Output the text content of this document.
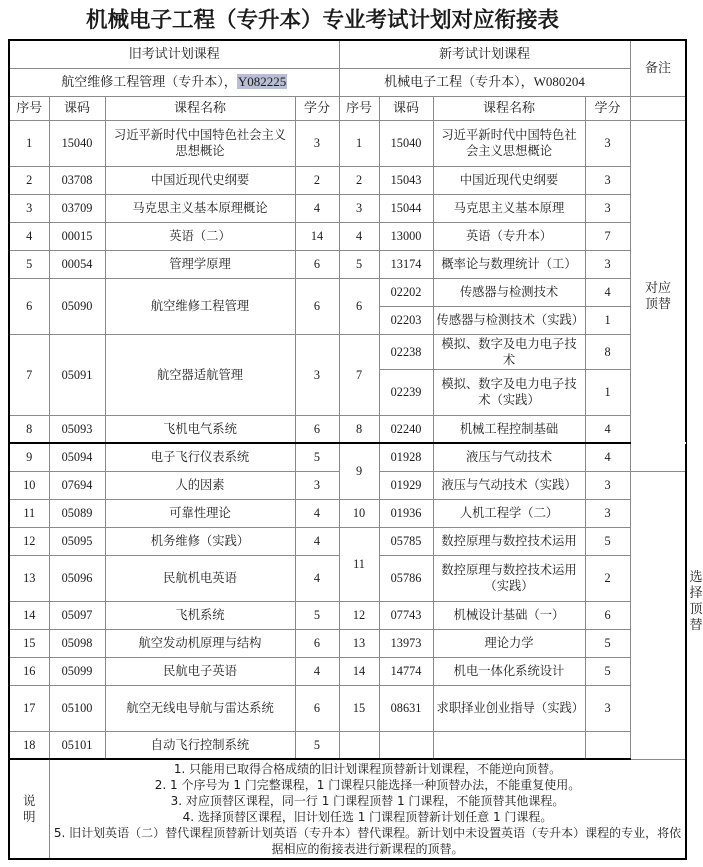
机械电子工程（专升本）专业考试计划对应衔接表
旧考试计划课程				新考试计划课程				备注	
航空维修工程管理（专升本），Y082225				机械电子工程（专升本），W080204					
序号	课码	课程名称	学分	序号	课码	课程名称	学分		
1	15040	习近平新时代中国特色社会主义思想概论	3	1	15040	习近平新时代中国特色社会主义思想概论	3	对应
顶替	

2	03708	中国近现代史纲要	2	2	15043	中国近现代史纲要	3		
3	03709	马克思主义基本原理概论	4	3	15044	马克思主义基本原理	3		
4	00015	英语（二）	14	4	13000	英语（专升本）	7		
5	00054	管理学原理	6	5	13174	概率论与数理统计（工）	3		
6	05090	航空维修工程管理	6	6	02202	传感器与检测技术	4		
					02203	传感器与检测技术（实践）	1		
7	05091	航空器适航管理	3	7	02238	模拟、数字及电力电子技术	8		
					02239	模拟、数字及电力电子技术（实践）	1		
8	05093	飞机电气系统	6	8	02240	机械工程控制基础	4		
9	05094	电子飞行仪表系统	5	9	01928	液压与气动技术	4		选择
顶替

10	07694	人的因素	3		01929	液压与气动技术（实践）	3		
11	05089	可靠性理论	4	10	01936	人机工程学（二）	3		
12	05095	机务维修（实践）	4	11	05785	数控原理与数控技术运用	5		
13	05096	民航机电英语	4		05786	数控原理与数控技术运用（实践）	2		
14	05097	飞机系统	5	12	07743	机械设计基础（一）	6		
15	05098	航空发动机原理与结构	6	13	13973	理论力学	5		
16	05099	民航电子英语	4	14	14774	机电一体化系统设计	5		
17	05100	航空无线电导航与雷达系统	6	15	08631	求职择业创业指导（实践）	3		
18	05101	自动飞行控制系统	5						

说
明

1. 只能用已取得合格成绩的旧计划课程顶替新计划课程，不能逆向顶替。

2. 1 个序号为 1 门完整课程，1 门课程只能选择一种顶替办法，不能重复使用。

3. 对应顶替区课程，同一行 1 门课程顶替 1 门课程，不能顶替其他课程。

4. 选择顶替区课程，旧计划任选 1 门课程顶替新计划任意 1 门课程。

5. 旧计划英语（二）替代课程顶替新计划英语（专升本）替代课程。新计划中未设置英语（专升本）课程的专业，将依据相应的衔接表进行新课程的顶替。
